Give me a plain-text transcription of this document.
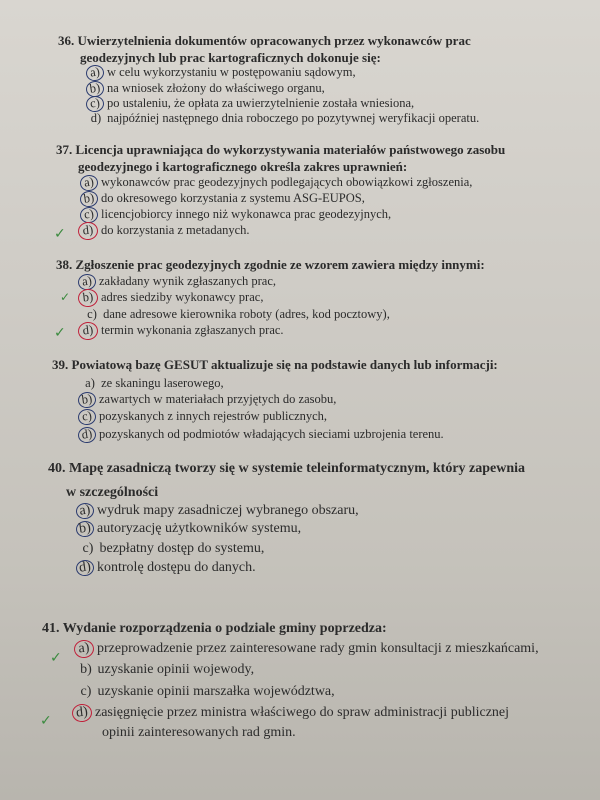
36. Uwierzytelnienia dokumentów opracowanych przez wykonawców prac
geodezyjnych lub prac kartograficznych dokonuje się:
a) w celu wykorzystaniu w postępowaniu sądowym,
b) na wniosek złożony do właściwego organu,
c) po ustaleniu, że opłata za uwierzytelnienie została wniesiona,
d) najpóźniej następnego dnia roboczego po pozytywnej weryfikacji operatu.
37. Licencja uprawniająca do wykorzystywania materiałów państwowego zasobu
geodezyjnego i kartograficznego określa zakres uprawnień:
a) wykonawców prac geodezyjnych podlegających obowiązkowi zgłoszenia,
b) do okresowego korzystania z systemu ASG-EUPOS,
c) licencjobiorcy innego niż wykonawca prac geodezyjnych,
✓	d) do korzystania z metadanych.
38. Zgłoszenie prac geodezyjnych zgodnie ze wzorem zawiera między innymi:
a) zakładany wynik zgłaszanych prac,
✓ b) adres siedziby wykonawcy prac,
c) dane adresowe kierownika roboty (adres, kod pocztowy),
✓	d) termin wykonania zgłaszanych prac.
39. Powiatową bazę GESUT aktualizuje się na podstawie danych lub informacji:
a) ze skaningu laserowego,
b) zawartych w materiałach przyjętych do zasobu,
c) pozyskanych z innych rejestrów publicznych,
d) pozyskanych od podmiotów władających sieciami uzbrojenia terenu.
40. Mapę zasadniczą tworzy się w systemie teleinformatycznym, który zapewnia
w szczególności
a) wydruk mapy zasadniczej wybranego obszaru,
b) autoryzację użytkowników systemu,
c) bezpłatny dostęp do systemu,
d) kontrolę dostępu do danych.
41. Wydanie rozporządzenia o podziale gminy poprzedza:
✓
a) przeprowadzenie przez zainteresowane rady gmin konsultacji z mieszkańcami,
b) uzyskanie opinii wojewody,
c) uzyskanie opinii marszałka województwa,
✓
d) zasięgnięcie przez ministra właściwego do spraw administracji publicznej
opinii zainteresowanych rad gmin.
